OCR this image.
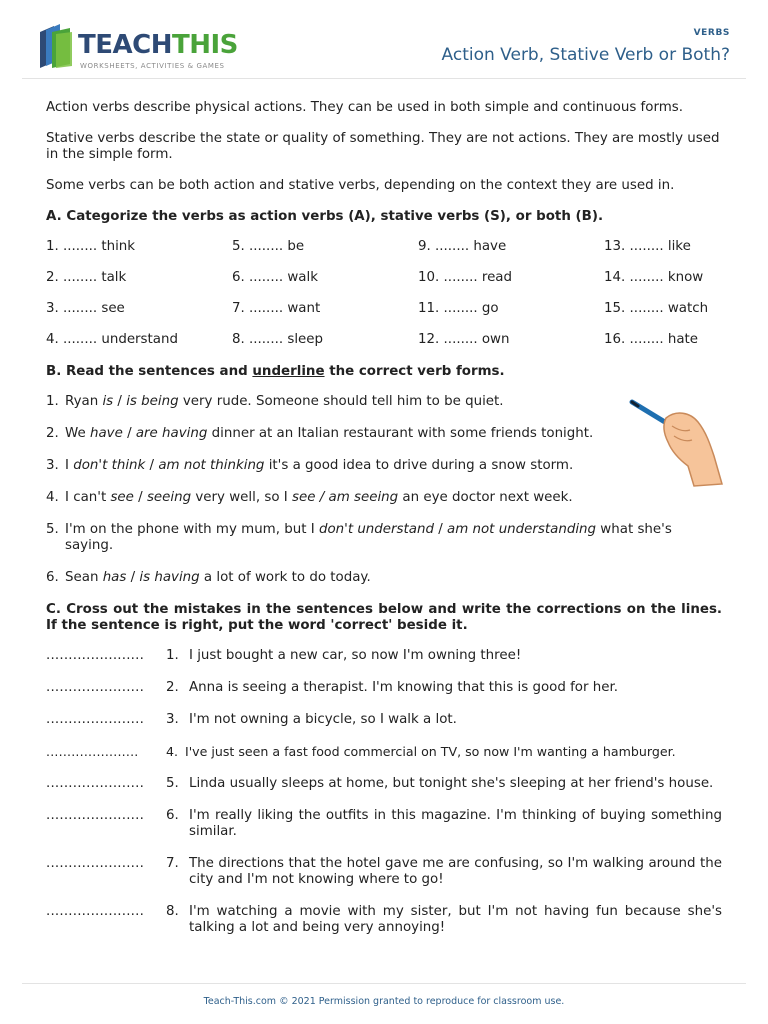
TEACHTHIS
WORKSHEETS, ACTIVITIES & GAMES
VERBS
Action Verb, Stative Verb or Both?

Action verbs describe physical actions. They can be used in both simple and continuous forms.

Stative verbs describe the state or quality of something. They are not actions. They are mostly used in the simple form.

Some verbs can be both action and stative verbs, depending on the context they are used in.

A. Categorize the verbs as action verbs (A), stative verbs (S), or both (B).
1. ........ think	5. ........ be	9. ........ have	13. ........ like
2. ........ talk	6. ........ walk	10. ........ read	14. ........ know
3. ........ see	7. ........ want	11. ........ go	15. ........ watch
4. ........ understand	8. ........ sleep	12. ........ own	16. ........ hate
B. Read the sentences and underline the correct verb forms.
1. Ryan is / is being very rude. Someone should tell him to be quiet.
2. We have / are having dinner at an Italian restaurant with some friends tonight.
3. I don't think / am not thinking it's a good idea to drive during a snow storm.
4. I can't see / seeing very well, so I see / am seeing an eye doctor next week.
5. I'm on the phone with my mum, but I don't understand / am not understanding what she's saying.
6. Sean has / is having a lot of work to do today.
C. Cross out the mistakes in the sentences below and write the corrections on the lines. If the sentence is right, put the word 'correct' beside it.
......................	1. I just bought a new car, so now I'm owning three!
......................	2. Anna is seeing a therapist. I'm knowing that this is good for her.
......................	3. I'm not owning a bicycle, so I walk a lot.
......................	4. I've just seen a fast food commercial on TV, so now I'm wanting a hamburger.
......................	5. Linda usually sleeps at home, but tonight she's sleeping at her friend's house.
......................	6. I'm really liking the outfits in this magazine. I'm thinking of buying something similar.
......................	7. The directions that the hotel gave me are confusing, so I'm walking around the city and I'm not knowing where to go!
......................	8. I'm watching a movie with my sister, but I'm not having fun because she's talking a lot and being very annoying!
Teach-This.com © 2021 Permission granted to reproduce for classroom use.
